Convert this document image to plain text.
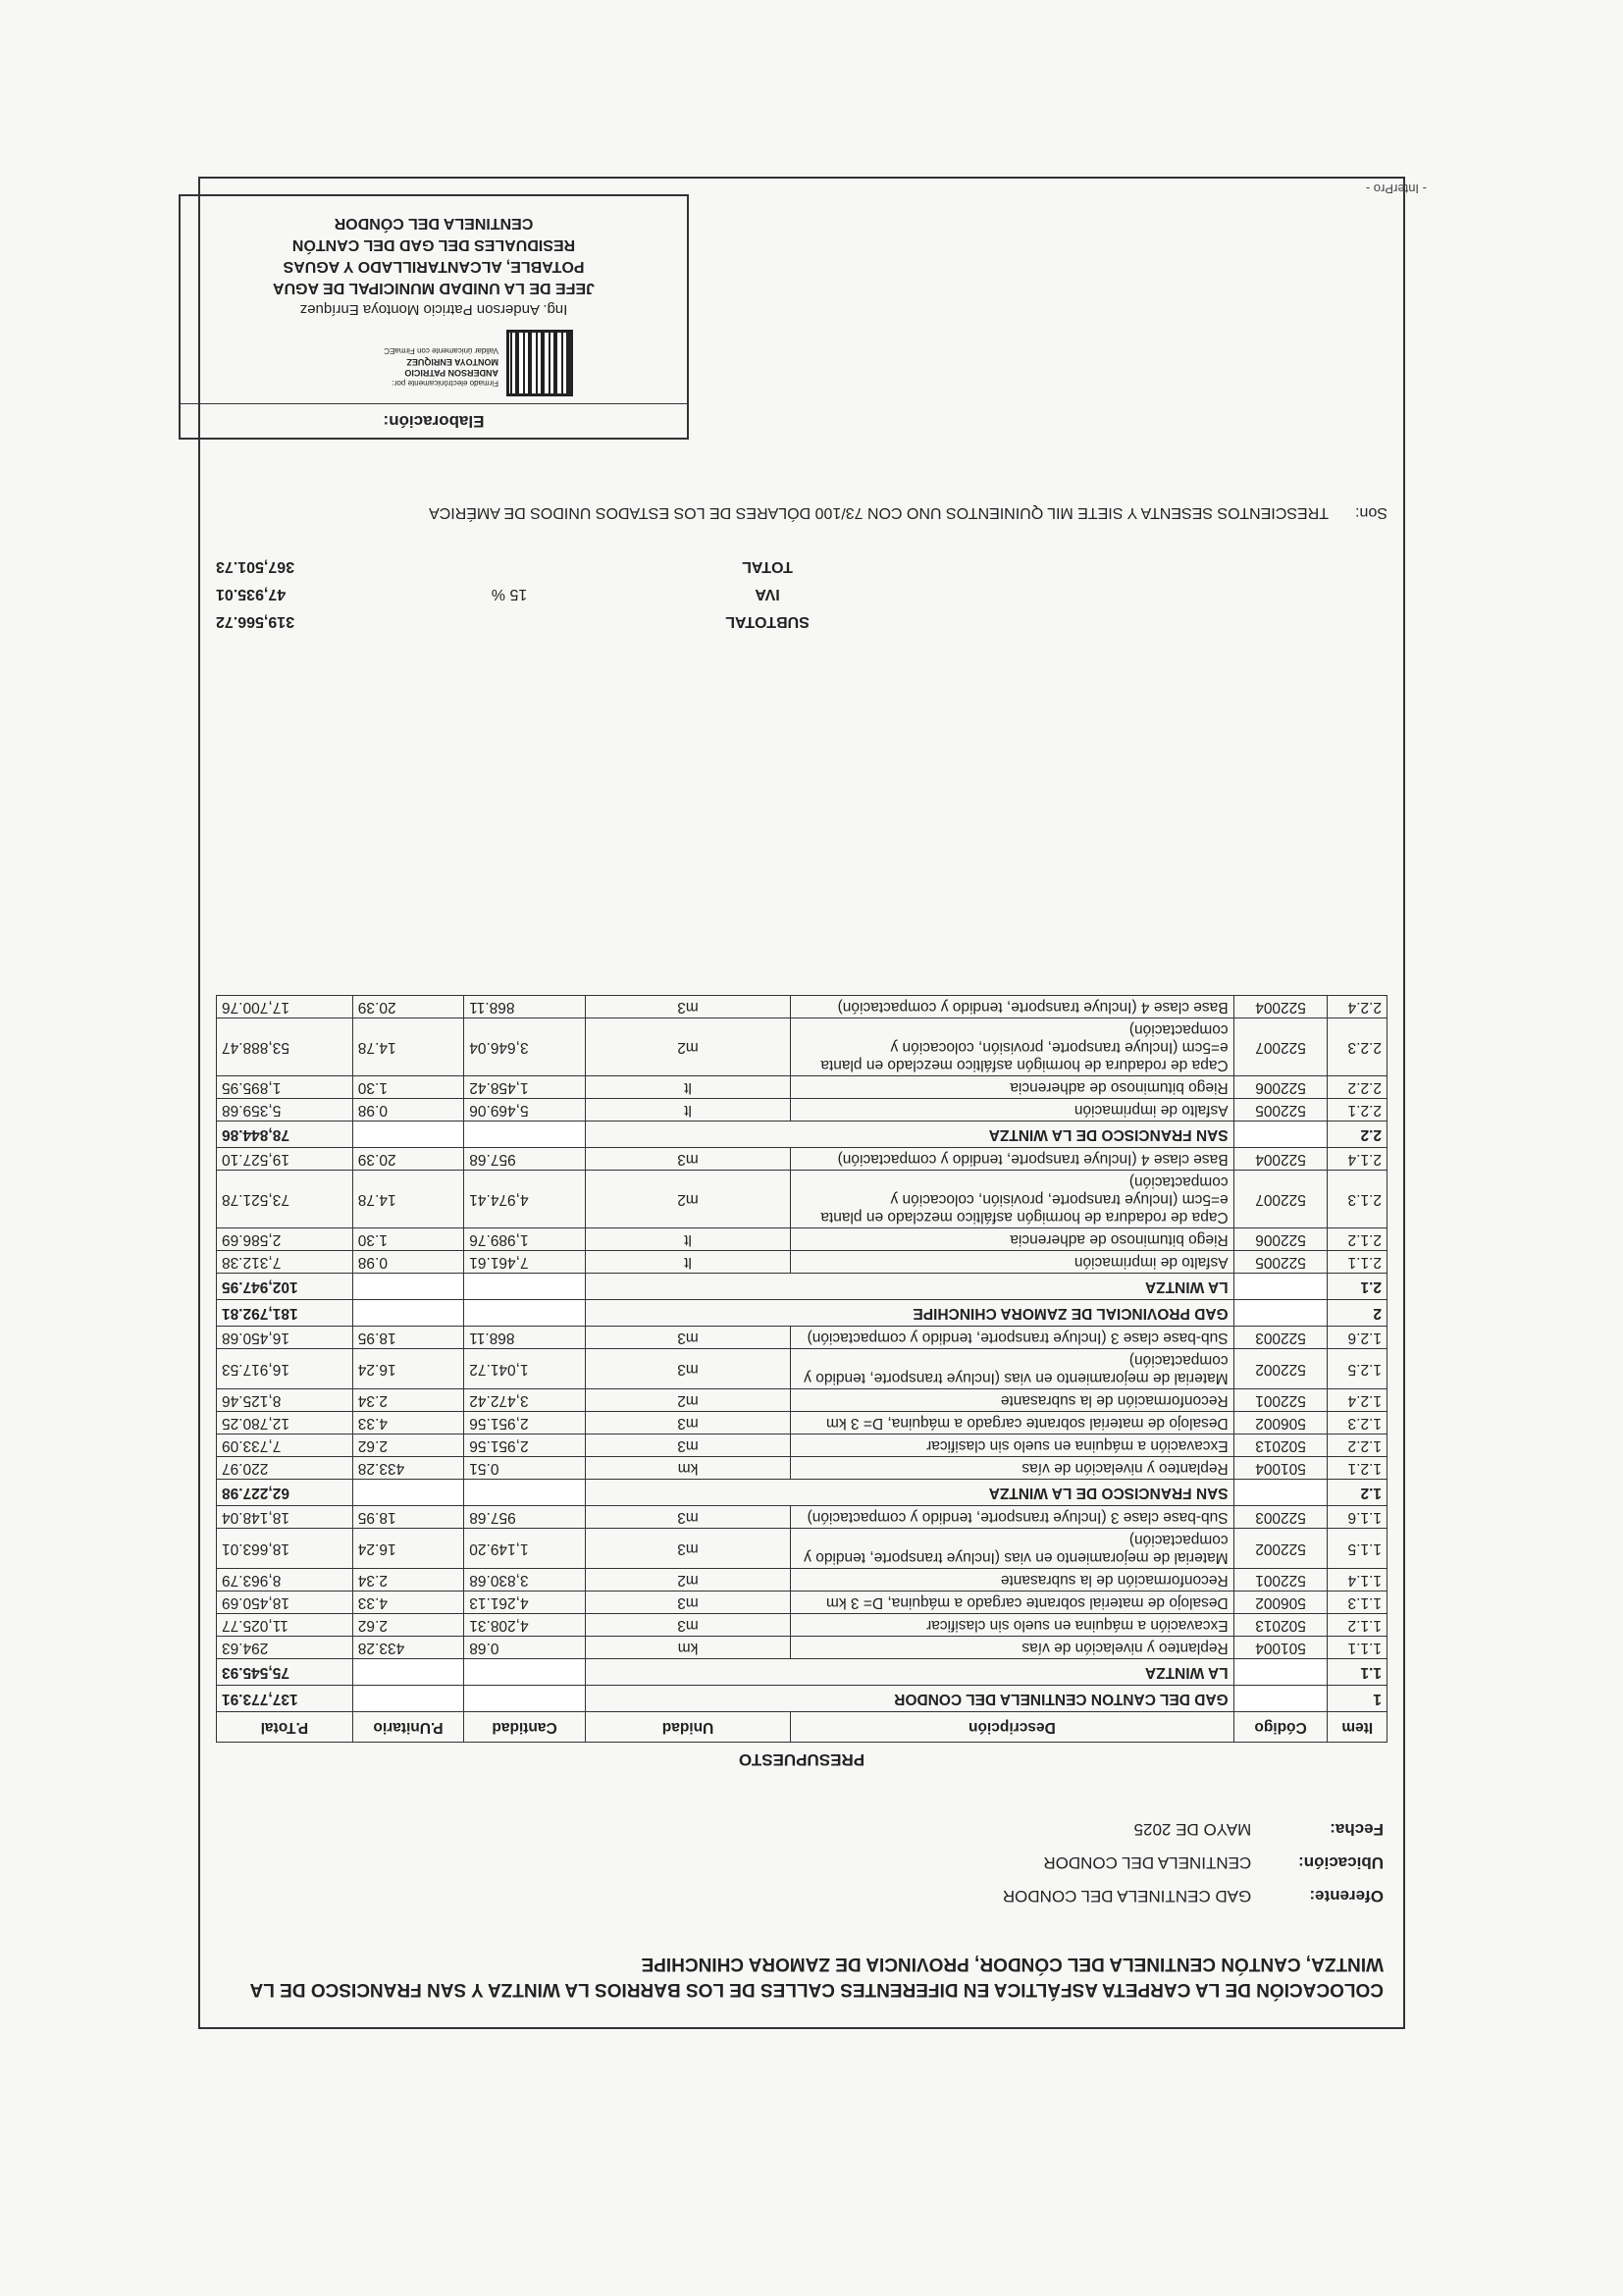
- InterPro -
COLOCACIÓN DE LA CARPETA ASFÁLTICA EN DIFERENTES CALLES DE LOS BARRIOS LA WINTZA Y SAN FRANCISCO DE LA WINTZA, CANTÓN CENTINELA DEL CÓNDOR, PROVINCIA DE ZAMORA CHINCHIPE
Oferente: GAD CENTINELA DEL CONDOR
Ubicación: CENTINELA DEL CONDOR
Fecha: MAYO DE 2025
PRESUPUESTO
Item	Código	Descripción	Unidad	Cantidad	P.Unitario	P.Total
1		GAD DEL CANTON CENTINELA DEL CONDOR				137,773.91
1.1		LA WINTZA				75,545.93
1.1.1	501004	Replanteo y nivelación de vías	km	0.68	433.28	294.63
1.1.2	502013	Excavación a máquina en suelo sin clasificar	m3	4,208.31	2.62	11,025.77
1.1.3	506002	Desalojo de material sobrante cargado a máquina, D= 3 km	m3	4,261.13	4.33	18,450.69
1.1.4	522001	Reconformación de la subrasante	m2	3,830.68	2.34	8,963.79
1.1.5	522002	Material de mejoramiento en vias (Incluye transporte, tendido y compactación)	m3	1,149.20	16.24	18,663.01
1.1.6	522003	Sub-base clase 3 (Incluye transporte, tendido y compactación)	m3	957.68	18.95	18,148.04
1.2		SAN FRANCISCO DE LA WINTZA				62,227.98
1.2.1	501004	Replanteo y nivelación de vías	km	0.51	433.28	220.97
1.2.2	502013	Excavación a máquina en suelo sin clasificar	m3	2,951.56	2.62	7,733.09
1.2.3	506002	Desalojo de material sobrante cargado a máquina, D= 3 km	m3	2,951.56	4.33	12,780.25
1.2.4	522001	Reconformación de la subrasante	m2	3,472.42	2.34	8,125.46
1.2.5	522002	Material de mejoramiento en vias (Incluye transporte, tendido y compactación)	m3	1,041.72	16.24	16,917.53
1.2.6	522003	Sub-base clase 3 (Incluye transporte, tendido y compactación)	m3	868.11	18.95	16,450.68
2		GAD PROVINCIAL DE ZAMORA CHINCHIPE				181,792.81
2.1		LA WINTZA				102,947.95
2.1.1	522005	Asfalto de imprimación	lt	7,461.61	0.98	7,312.38
2.1.2	522006	Riego bituminoso de adherencia	lt	1,989.76	1.30	2,586.69
2.1.3	522007	Capa de rodadura de hormigón asfáltico mezclado en planta e=5cm (Incluye transporte, provisión, colocación y compactación)	m2	4,974.41	14.78	73,521.78
2.1.4	522004	Base clase 4 (Incluye transporte, tendido y compactación)	m3	957.68	20.39	19,527.10
2.2		SAN FRANCISCO DE LA WINTZA				78,844.86
2.2.1	522005	Asfalto de imprimación	lt	5,469.06	0.98	5,359.68
2.2.2	522006	Riego bituminoso de adherencia	lt	1,458.42	1.30	1,895.95
2.2.3	522007	Capa de rodadura de hormigón asfáltico mezclado en planta e=5cm (Incluye transporte, provisión, colocación y compactación)	m2	3,646.04	14.78	53,888.47
2.2.4	522004	Base clase 4 (Incluye transporte, tendido y compactación)	m3	868.11	20.39	17,700.76
SUBTOTAL
319,566.72
IVA
15 %
47,935.01
TOTAL
367,501.73
Son:
TRESCIENTOS SESENTA Y SIETE MIL QUINIENTOS UNO CON 73/100 DÓLARES DE LOS ESTADOS UNIDOS DE AMÉRICA
Elaboración:
Firmado electrónicamente por:
ANDERSON PATRICIO
MONTOYA ENRIQUEZ
Validar únicamente con FirmaEC
Ing. Anderson Patricio Montoya Enríquez
JEFE DE LA UNIDAD MUNICIPAL DE AGUA
POTABLE, ALCANTARILLADO Y AGUAS
RESIDUALES DEL GAD DEL CANTÓN
CENTINELA DEL CÓNDOR
